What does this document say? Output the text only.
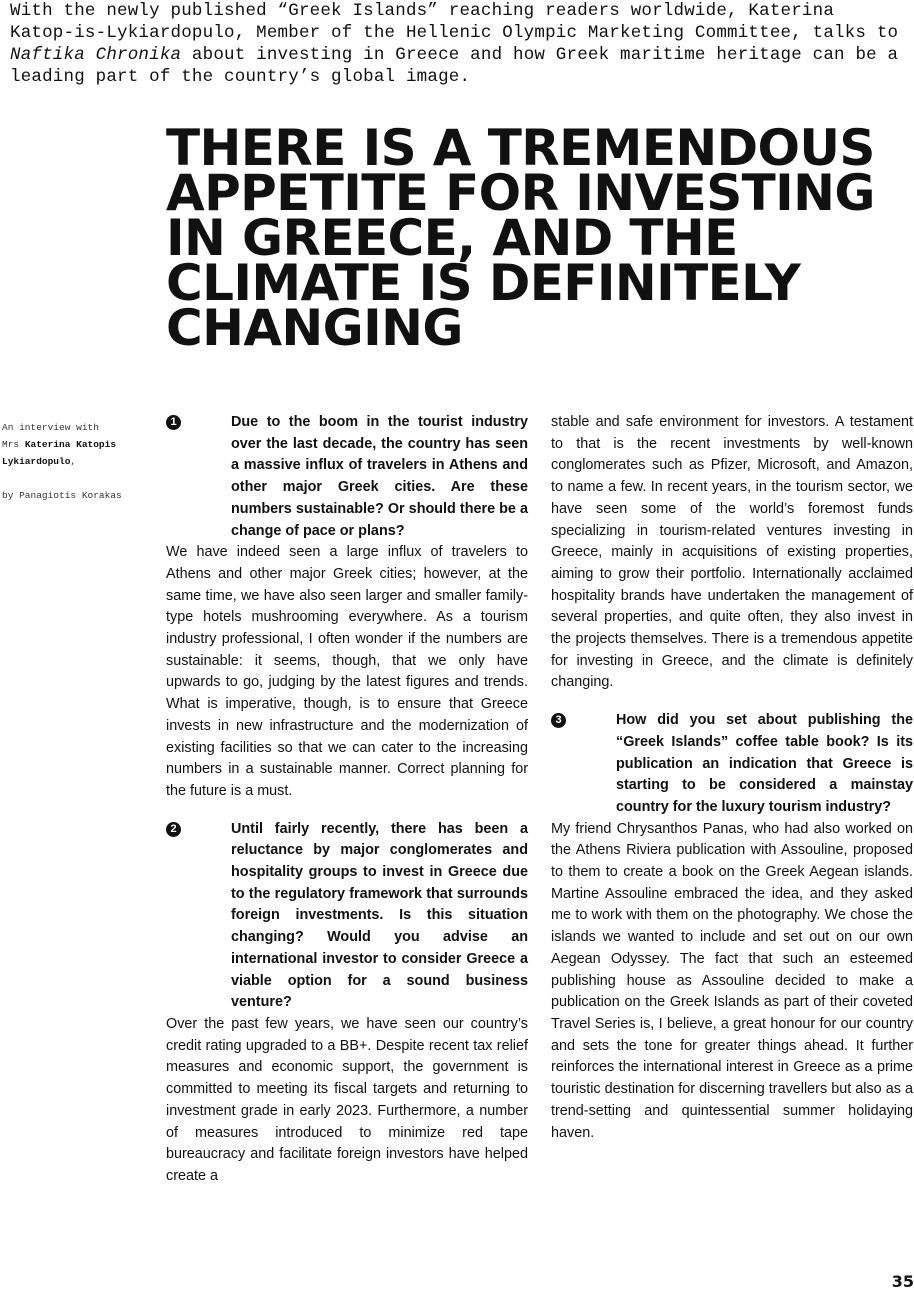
With the newly published “Greek Islands” reaching readers worldwide, Katerina Katop-is-Lykiardopulo, Member of the Hellenic Olympic Marketing Committee, talks to Naftika Chronika about investing in Greece and how Greek maritime heritage can be a leading part of the country’s global image.
THERE IS A TREMENDOUS APPETITE FOR INVESTING IN GREECE, AND THE CLIMATE IS DEFINITELY CHANGING
An interview with
Mrs Katerina Katopis Lykiardopulo,
by Panagiotis Korakas
1	Due to the boom in the tourist industry over the last decade, the country has seen a massive influx of travelers in Athens and other major Greek cities. Are these numbers sustainable? Or should there be a change of pace or plans?

We have indeed seen a large influx of travelers to Athens and other major Greek cities; however, at the same time, we have also seen larger and smaller family-type hotels mushrooming everywhere. As a tourism industry professional, I often wonder if the numbers are sustainable: it seems, though, that we only have upwards to go, judging by the latest figures and trends. What is imperative, though, is to ensure that Greece invests in new infrastructure and the modernization of existing facilities so that we can cater to the increasing numbers in a sustainable manner. Correct planning for the future is a must.

2	Until fairly recently, there has been a reluctance by major conglomerates and hospitality groups to invest in Greece due to the regulatory framework that surrounds foreign investments. Is this situation changing? Would you advise an international investor to consider Greece a viable option for a sound business venture?

Over the past few years, we have seen our country’s credit rating upgraded to a BB+. Despite recent tax relief measures and economic support, the government is committed to meeting its fiscal targets and returning to investment grade in early 2023. Furthermore, a number of measures introduced to minimize red tape bureaucracy and facilitate foreign investors have helped create a

stable and safe environment for investors. A testament to that is the recent investments by well-known conglomerates such as Pfizer, Microsoft, and Amazon, to name a few. In recent years, in the tourism sector, we have seen some of the world’s foremost funds specializing in tourism-related ventures investing in Greece, mainly in acquisitions of existing properties, aiming to grow their portfolio. Internationally acclaimed hospitality brands have undertaken the management of several properties, and quite often, they also invest in the projects themselves. There is a tremendous appetite for investing in Greece, and the climate is definitely changing.

3	How did you set about publishing the “Greek Islands” coffee table book? Is its publication an indication that Greece is starting to be considered a mainstay country for the luxury tourism industry?

My friend Chrysanthos Panas, who had also worked on the Athens Riviera publication with Assouline, proposed to them to create a book on the Greek Aegean islands. Martine Assouline embraced the idea, and they asked me to work with them on the photography. We chose the islands we wanted to include and set out on our own Aegean Odyssey. The fact that such an esteemed publishing house as Assouline decided to make a publication on the Greek Islands as part of their coveted Travel Series is, I believe, a great honour for our country and sets the tone for greater things ahead. It further reinforces the international interest in Greece as a prime touristic destination for discerning travellers but also as a trend-setting and quintessential summer holidaying haven.

35
